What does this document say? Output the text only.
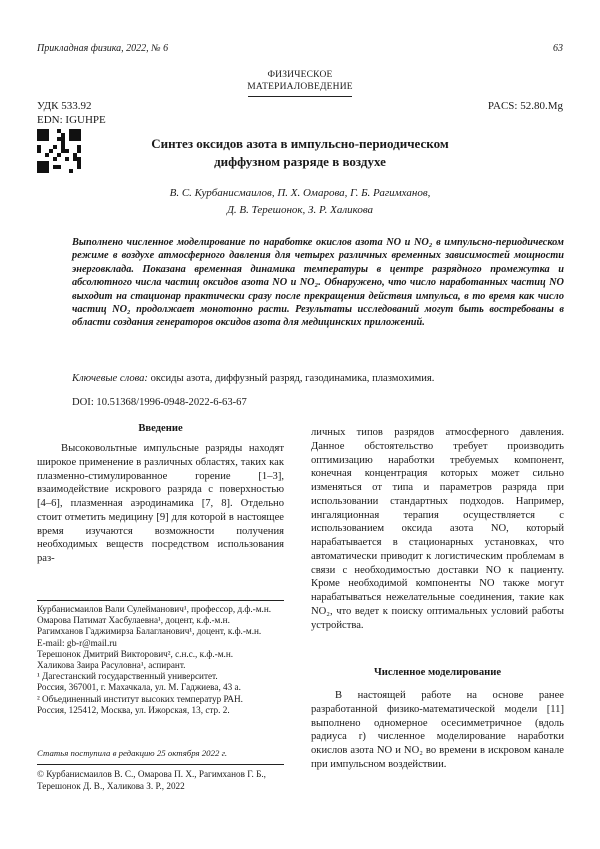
Прикладная физика, 2022, № 6	63
ФИЗИЧЕСКОЕ
МАТЕРИАЛОВЕДЕНИЕ
УДК 533.92
EDN: IGUHPE
PACS: 52.80.Mg
Синтез оксидов азота в импульсно-периодическом
диффузном разряде в воздухе
В. С. Курбанисмаилов, П. Х. Омарова, Г. Б. Рагимханов,
Д. В. Терешонок, З. Р. Халикова
Выполнено численное моделирование по наработке окислов азота NO и NO₂ в импульсно-периодическом режиме в воздухе атмосферного давления для четырех различных временных зависимостей мощности энерговклада. Показана временная динамика температуры в центре разрядного промежутка и абсолютного числа частиц оксидов азота NO и NO₂. Обнаружено, что число наработанных частиц NO выходит на стационар практически сразу после прекращения действия импульса, в то время как число частиц NO₂ продолжает монотонно расти. Результаты исследований могут быть востребованы в области создания генераторов оксидов азота для медицинских приложений.
Ключевые слова: оксиды азота, диффузный разряд, газодинамика, плазмохимия.
DOI: 10.51368/1996-0948-2022-6-63-67
Введение

Высоковольтные импульсные разряды находят широкое применение в различных областях, таких как плазменно-стимулированное горение [1–3], взаимодействие искрового разряда с поверхностью [4–6], плазменная аэродинамика [7, 8]. Отдельно стоит отметить медицину [9] для которой в настоящее время изучаются возможности получения необходимых веществ посредством использования раз-

Курбанисмаилов Вали Сулейманович¹, профессор, д.ф.-м.н.
Омарова Патимат Хасбулаевна¹, доцент, к.ф.-м.н.
Рагимханов Гаджимирза Балагланович¹, доцент, к.ф.-м.н.
E-mail: gb-r@mail.ru
Терешонок Дмитрий Викторович², с.н.с., к.ф.-м.н.
Халикова Заира Расуловна¹, аспирант.
¹ Дагестанский государственный университет.
Россия, 367001, г. Махачкала, ул. М. Гаджиева, 43 а.
² Объединенный институт высоких температур РАН.
Россия, 125412, Москва, ул. Ижорская, 13, стр. 2.
Статья поступила в редакцию 25 октября 2022 г.
© Курбанисмаилов В. С., Омарова П. Х., Рагимханов Г. Б., Терешонок Д. В., Халикова З. Р., 2022

личных типов разрядов атмосферного давления. Данное обстоятельство требует производить оптимизацию наработки требуемых компонент, конечная концентрация которых может сильно изменяться от типа и параметров разряда при использовании стандартных подходов. Например, ингаляционная терапия осуществляется с использованием оксида азота NO, который нарабатывается в стационарных установках, что автоматически приводит к логистическим проблемам в связи с необходимостью доставки NO к пациенту. Кроме необходимой компоненты NO также могут нарабатываться нежелательные соединения, такие как NO₂, что ведет к поиску оптимальных условий работы устройства.

Численное моделирование

В настоящей работе на основе ранее разработанной физико-математической модели [11] выполнено одномерное осесимметричное (вдоль радиуса r) численное моделирование наработки окислов азота NO и NO₂ во времени в искровом канале при импульсном воздействии.
